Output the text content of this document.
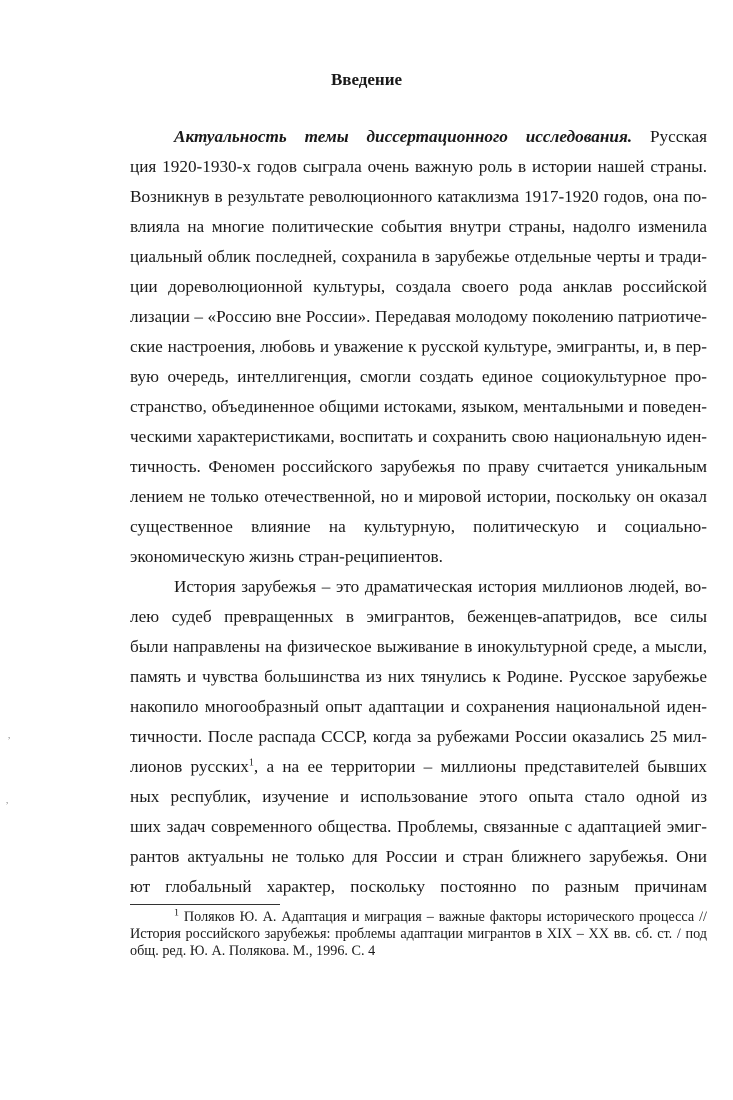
Введение
Актуальность темы диссертационного исследования. Русская
ция 1920-1930-х годов сыграла очень важную роль в истории нашей страны.
Возникнув в результате революционного катаклизма 1917-1920 годов, она по-
влияла на многие политические события внутри страны, надолго изменила
циальный облик последней, сохранила в зарубежье отдельные черты и тради-
ции дореволюционной культуры, создала своего рода анклав российской
лизации – «Россию вне России». Передавая молодому поколению патриотиче-
ские настроения, любовь и уважение к русской культуре, эмигранты, и, в пер-
вую очередь, интеллигенция, смогли создать единое социокультурное про-
странство, объединенное общими истоками, языком, ментальными и поведен-
ческими характеристиками, воспитать и сохранить свою национальную иден-
тичность. Феномен российского зарубежья по праву считается уникальным
лением не только отечественной, но и мировой истории, поскольку он оказал
существенное влияние на культурную, политическую и социально-
экономическую жизнь стран-реципиентов.
История зарубежья – это драматическая история миллионов людей, во-
лею судеб превращенных в эмигрантов, беженцев-апатридов, все силы
были направлены на физическое выживание в инокультурной среде, а мысли,
память и чувства большинства из них тянулись к Родине. Русское зарубежье
накопило многообразный опыт адаптации и сохранения национальной иден-
тичности. После распада СССР, когда за рубежами России оказались 25 мил-
лионов русских$^1$, а на ее территории – миллионы представителей бывших
ных республик, изучение и использование этого опыта стало одной из
ших задач современного общества. Проблемы, связанные с адаптацией эмиг-
рантов актуальны не только для России и стран ближнего зарубежья. Они
ют глобальный характер, поскольку постоянно по разным причинам
$^1$ Поляков Ю. А. Адаптация и миграция – важные факторы исторического процесса //
История российского зарубежья: проблемы адаптации мигрантов в XIX – XX вв. сб. ст. / под
общ. ред. Ю. А. Полякова. М., 1996. С. 4
,
,
